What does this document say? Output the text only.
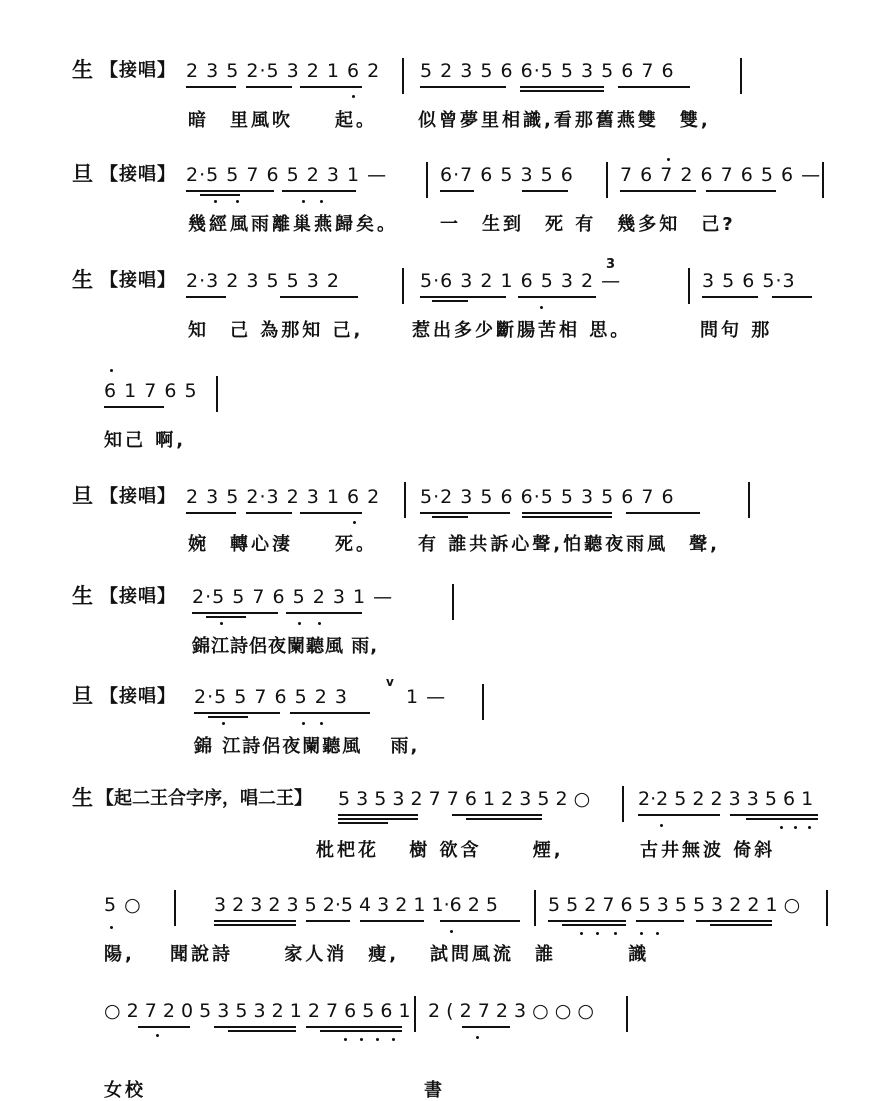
生 【接唱】 2 3 5 2·5 3 2 1 6 2 5 2 3 5 6 6·5 5 3 5 6 7 6
暗　里風吹　　起。 似曾夢里相識,看那舊燕雙　雙,
旦 【接唱】 2·5 5 7 6 5 2 3 1 —	6·7 6 5 3 5 6 7 6 7 2 6 7 6 5 6 —
幾經風雨離巢燕歸矣。 一　生到　死 有　幾多知　己?
生 【接唱】 2·3 2 3 5 5 3 2	5·6 3 2 1 6 5 3 2 —
3
3 5 6 5·3
知　己 為那知 己,	惹出多少斷腸苦相 思。	問句 那
6 1 7 6 5
知己 啊,
旦 【接唱】 2 3 5 2·3 2 3 1 6 2 5·2 3 5 6 6·5 5 3 5 6 7 6
婉　轉心淒　　死。 有 誰共訴心聲,怕聽夜雨風　聲,
生 【接唱】 2·5 5 7 6 5 2 3 1 —
錦江詩侶夜闌聽風 雨,
旦 【接唱】 2·5 5 7 6 5 2 3
v
1 —
錦 江詩侶夜闌聽風　 雨,
生 【起二王合字序，唱二王】 5 3 5 3 2 7 7 6 1 2 3 5 2 ○	2·2 5 2 2 3 3 5 6 1
枇杷花　 樹 欲含　　 煙,	古井無波 倚斜
5 ○	3 2 3 2 3 5 2·5 4 3 2 1 1·6 2 5	5 5 2 7 6 5 3 5 5 3 2 2 1 ○
陽, 聞說詩　　 家人消　瘦, 試問風流　誰　　　 識
○ 2 7 2 0 5 3 5 3 2 1 2 7 6 5 6 1 2 ( 2 7 2 3 ○ ○ ○
女校	書
